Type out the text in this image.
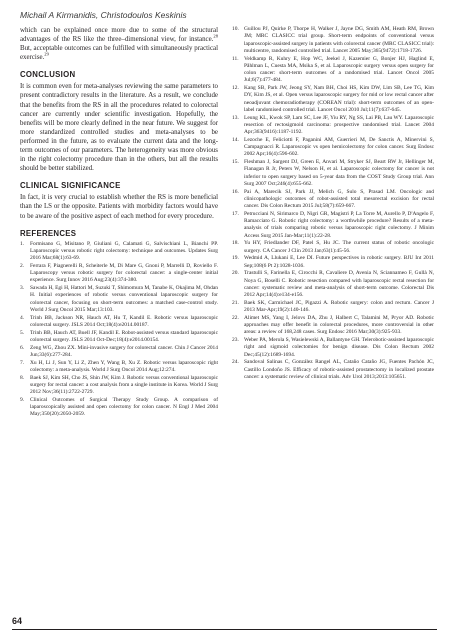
Michail A Kirmanidis, Christodoulos Keskinis

which can be explained once more due to some of the structural advantages of the RS like the three–dimensional view, for instance.$^{28}$ But, acceptable outcomes can be fulfilled with simultaneously practical exercise.$^{29}$

CONCLUSION

It is common even for meta-analyses reviewing the same parameters to present contradictory results in the literature. As a result, we conclude that the benefits from the RS in all the procedures related to colorectal cancer are currently under scientific investigation. Hopefully, the benefits will be more clearly defined in the near future. We suggest for more standardized controlled studies and meta-analyses to be performed in the future, as to evaluate the current data and the long-term outcomes of our parameters. The heterogeneity was more obvious in the right colectomy procedure than in the others, but all the results should be better stabilized.

CLINICAL SIGNIFICANCE

In fact, it is very crucial to establish whether the RS is more beneficial than the LS or the opposite. Patients with morbidity factors would have to be aware of the positive aspect of each method for every procedure.

REFERENCES
1.	Formisano G, Misitano P, Giuliani G, Calamati G, Salvischiani L, Bianchi PP. Laparoscopic versus robotic right colectomy: technique and outcomes. Updates Surg 2016 Mar;68(1):63-69.
2.	Ferrara F, Piagnerelli R, Scheiterle M, Di Mare G, Gnoni P, Marrelli D, Roviello F. Laparoscopy versus robotic surgery for colorectal cancer: a single-center initial experience. Surg Innov 2016 Aug;23(4):374-380.
3.	Sawada H, Egi H, Hattori M, Suzuki T, Shimomura M, Tanabe K, Okajima M, Ohdan H. Initial experiences of robotic versus conventional laparoscopic surgery for colorectal cancer, focusing on short-term outcomes: a matched case-control study. World J Surg Oncol 2015 Mar;13:103.
4.	Trinh BB, Jackson NR, Hauch AT, Hu T, Kandil E. Robotic versus laparoscopic colorectal surgery. JSLS 2014 Oct;18(4):e2014.00187.
5.	Trinh BB, Hauch AT, Buell JF, Kandil E. Robot-assisted versus standard laparoscopic colorectal surgery. JSLS 2014 Oct-Dec;18(4):e2014.00154.
6.	Zeng WG, Zhou ZX. Mini-invasive surgery for colorectal cancer. Chin J Cancer 2014 Jun;33(6):277-284.
7.	Xu H, Li J, Sun Y, Li Z, Zhen Y, Wang B, Xu Z. Robotic versus laparoscopic right colectomy: a meta-analysis. World J Surg Oncol 2014 Aug;12:274.
8.	Baek SJ, Kim SH, Cho JS, Shin JW, Kim J. Robotic versus conventional laparoscopic surgery for rectal cancer: a cost analysis from a single institute in Korea. World J Surg 2012 Nov;36(11):2722-2729.
9.	Clinical Outcomes of Surgical Therapy Study Group. A comparison of laparoscopically assisted and open colectomy for colon cancer. N Engl J Med 2004 May;350(20):2050-2059.
10. Guillou PJ, Quirke P, Thorpe H, Walker J, Jayne DG, Smith AM, Heath RM, Brown JM; MRC CLASICC trial group. Short-term endpoints of conventional versus laparoscopic-assisted surgery in patients with colorectal cancer (MRC CLASICC trial): multicentre, randomised controlled trial. Lancet 2005 May;365(9472):1718-1726.
11. Veldkamp R, Kuhry E, Hop WC, Jeekel J, Kazemier G, Bonjer HJ, Haglind E, Påhlman L, Cuesta MA, Msika S, et al. Laparoscopic surgery versus open surgery for colon cancer: short-term outcomes of a randomised trial. Lancet Oncol 2005 Jul;6(7):477-484.
12. Kang SB, Park JW, Jeong SY, Nam BH, Choi HS, Kim DW, Lim SB, Lee TG, Kim DY, Kim JS, et al. Open versus laparoscopic surgery for mid or low rectal cancer after neoadjuvant chemoradiotherapy (COREAN trial): short-term outcomes of an open-label randomised controlled trial. Lancet Oncol 2010 Jul;11(7):637-645.
13. Leung KL, Kwok SP, Lam SC, Lee JF, Yiu RY, Ng SS, Lai PB, Lau WY. Laparoscopic resection of rectosigmoid carcinoma: prospective randomised trial. Lancet 2004 Apr;363(9416):1187-1192.
14. Lezoche E, Feliciotti F, Paganini AM, Guerrieri M, De Sanctis A, Minervini S, Campagnacci R. Laparoscopic vs open hemicolectomy for colon cancer. Surg Endosc 2002 Apr;16(4):596-602.
15. Fleshman J, Sargent DJ, Green E, Anvari M, Stryker SJ, Beart RW Jr, Hellinger M, Flanagan R Jr, Peters W, Nelson H, et al. Laparoscopic colectomy for cancer is not inferior to open surgery based on 5-year data from the COST Study Group trial. Ann Surg 2007 Oct;246(4):655-662.
16. Pai A, Marecik SJ, Park JJ, Melich G, Sulo S, Prasad LM. Oncologic and clinicopathologic outcomes of robot-assisted total mesorectal excision for rectal cancer. Dis Colon Rectum 2015 Jul;58(7):659-667.
17. Petrucciani N, Sirimarco D, Nigri GR, Magistri P, La Torre M, Aurello P, D'Angelo F, Ramacciato G. Robotic right colectomy: a worthwhile procedure? Results of a meta-analysis of trials comparing robotic versus laparoscopic right colectomy. J Minim Access Surg 2015 Jan-Mar;11(1):22-28.
18. Yu HY, Friedlander DF, Patel S, Hu JC. The current status of robotic oncologic surgery. CA Cancer J Clin 2013 Jan;63(1):45-56.
19. Wedmid A, Llukani E, Lee DI. Future perspectives in robotic surgery. BJU Int 2011 Sep;108(6 Pt 2):1028-1036.
20. Trastulli S, Farinella E, Cirocchi R, Cavaliere D, Avenia N, Sciannameo F, Gullà N, Noya G, Boselli C. Robotic resection compared with laparoscopic rectal resection for cancer: systematic review and meta-analysis of short-term outcome. Colorectal Dis 2012 Apr;14(4):e134-e156.
21. Baek SK, Carmichael JC, Pigazzi A. Robotic surgery: colon and rectum. Cancer J 2013 Mar-Apr;19(2):140-146.
22. Alimet MS, Yang I, Jelovs DA, Zhu J, Halbert C, Talamini M, Pryor AD. Robotic approaches may offer benefit in colorectal procedures, more controversial in other areas: a review of 168,248 cases. Surg Endosc 2016 Mar;30(3):925-933.
23. Weber PA, Merola S, Wasielewski A, Ballantyne GH. Telerobotic-assisted laparoscopic right and sigmoid colectomies for benign disease. Dis Colon Rectum 2002 Dec;45(12):1689-1694.
24. Sandoval Salinas C, González Rangel AL, Cataño Cataño JG, Fuentes Pachón JC, Castillo Londoño JS. Efficacy of robotic-assisted prostatectomy in localized prostate cancer: a systematic review of clinical trials. Adv Urol 2013;2013:105651.
64
